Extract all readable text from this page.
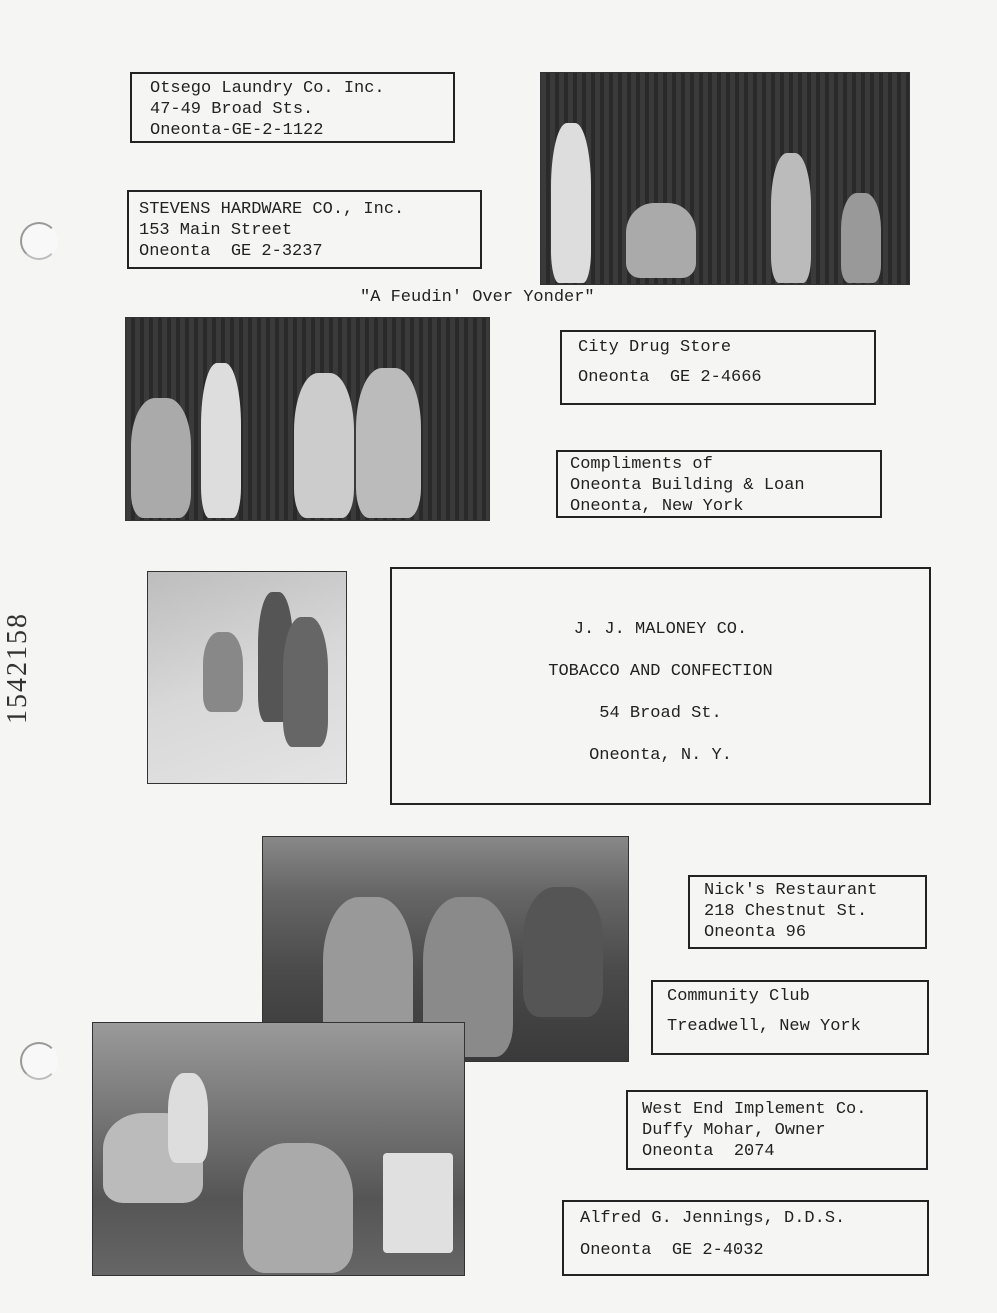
1542158
Otsego Laundry Co. Inc.
47-49 Broad Sts.
Oneonta-GE-2-1122
STEVENS HARDWARE CO., Inc.
153 Main Street
Oneonta  GE 2-3237
"A Feudin' Over Yonder"
City Drug Store
Oneonta  GE 2-4666
Compliments of
Oneonta Building & Loan
Oneonta, New York
J. J. MALONEY CO.
TOBACCO AND CONFECTION
54 Broad St.
Oneonta, N. Y.
Nick's Restaurant
218 Chestnut St.
Oneonta 96
Community Club
Treadwell, New York
West End Implement Co.
Duffy Mohar, Owner
Oneonta  2074
Alfred G. Jennings, D.D.S.
Oneonta  GE 2-4032
